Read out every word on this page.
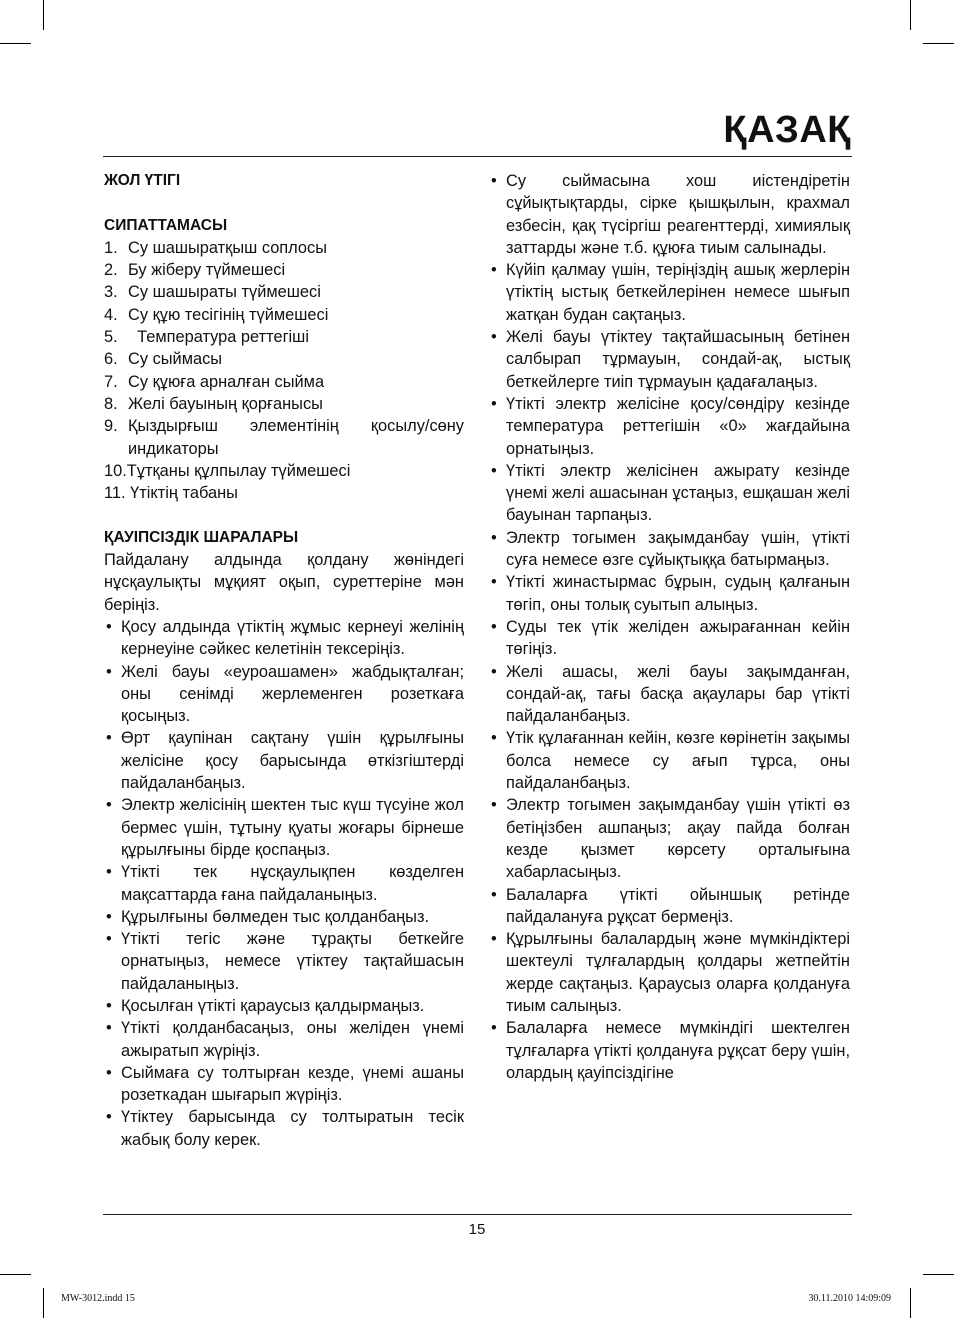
ҚАЗАҚ
ЖОЛ ҮТІГІ
СИПАТТАМАСЫ
1. Су шашыратқыш соплосы
2. Бу жіберу түймешесі
3. Су шашыраты түймешесі
4. Су құю тесігінің түймешесі
5. Температура реттегіші
6. Су сыймасы
7. Су құюға арналған сыйма
8. Желі бауының қорғанысы
9. Қыздырғыш элементінің қосылу/сөну индикаторы
10. Тұтқаны құлпылау түймешесі
11. Үтіктің табаны
ҚАУІПСІЗДІК ШАРАЛАРЫ

Пайдалану алдында қолдану жөніндегі нұсқаулықты мұқият оқып, суреттеріне мән беріңіз.

• Қосу алдында үтіктің жұмыс кернеуі желінің кернеуіне сәйкес келетінін тексеріңіз.
• Желі бауы «еуроашамен» жабдықталған; оны сенімді жерлеменген розеткаға қосыңыз.
• Өрт қаупінан сақтану үшін құрылғыны желісіне қосу барысында өткізгіштерді пайдаланбаңыз.
• Электр желісінің шектен тыс күш түсуіне жол бермес үшін, тұтыну қуаты жоғары бірнеше құрылғыны бірде қоспаңыз.
• Үтікті тек нұсқаулықпен көзделген мақсаттарда ғана пайдаланыңыз.
• Құрылғыны бөлмеден тыс қолданбаңыз.
• Үтікті тегіс және тұрақты беткейге орнатыңыз, немесе үтіктеу тақтайшасын пайдаланыңыз.
• Қосылған үтікті қараусыз қалдырмаңыз.
• Үтікті қолданбасаңыз, оны желіден үнемі ажыратып жүріңіз.
• Сыймаға су толтырған кезде, үнемі ашаны розеткадан шығарып жүріңіз.
• Үтіктеу барысында су толтыратын тесік жабық болу керек.
• Су сыймасына хош иістендіретін сұйықтықтарды, сірке қышқылын, крахмал езбесін, қақ түсіргіш реагенттерді, химиялық заттарды және т.б. құюға тиым салынады.
• Күйіп қалмау үшін, теріңіздің ашық жерлерін үтіктің ыстық беткейлерінен немесе шығып жатқан будан сақтаңыз.
• Желі бауы үтіктеу тақтайшасының бетінен салбырап тұрмауын, сондай-ақ, ыстық беткейлерге тиіп тұрмауын қадағалаңыз.
• Үтікті электр желісіне қосу/сөндіру кезінде температура реттегішін «0» жағдайына орнатыңыз.
• Үтікті электр желісінен ажырату кезінде үнемі желі ашасынан ұстаңыз, ешқашан желі бауынан тарпаңыз.
• Электр тогымен зақымданбау үшін, үтікті суға немесе өзге сұйықтыққа батырмаңыз.
• Үтікті жинастырмас бұрын, судың қалғанын төгіп, оны толық суытып алыңыз.
• Суды тек үтік желіден ажырағаннан кейін төгіңіз.
• Желі ашасы, желі бауы зақымданған, сондай-ақ, тағы басқа ақаулары бар үтікті пайдаланбаңыз.
• Үтік құлағаннан кейін, көзге көрінетін зақымы болса немесе су ағып тұрса, оны пайдаланбаңыз.
• Электр тогымен зақымданбау үшін үтікті өз бетіңізбен ашпаңыз; ақау пайда болған кезде қызмет көрсету орталығына хабарласыңыз.
• Балаларға үтікті ойыншық ретінде пайдалануға рұқсат бермеңіз.
• Құрылғыны балалардың және мүмкіндіктері шектеулі тұлғалардың қолдары жетпейтін жерде сақтаңыз. Қараусыз оларға қолдануға тиым салыңыз.
• Балаларға немесе мүмкіндігі шектелген тұлғаларға үтікті қолдануға рұқсат беру үшін, олардың қауіпсіздігіне
15
MW-3012.indd 15	30.11.2010 14:09:09
